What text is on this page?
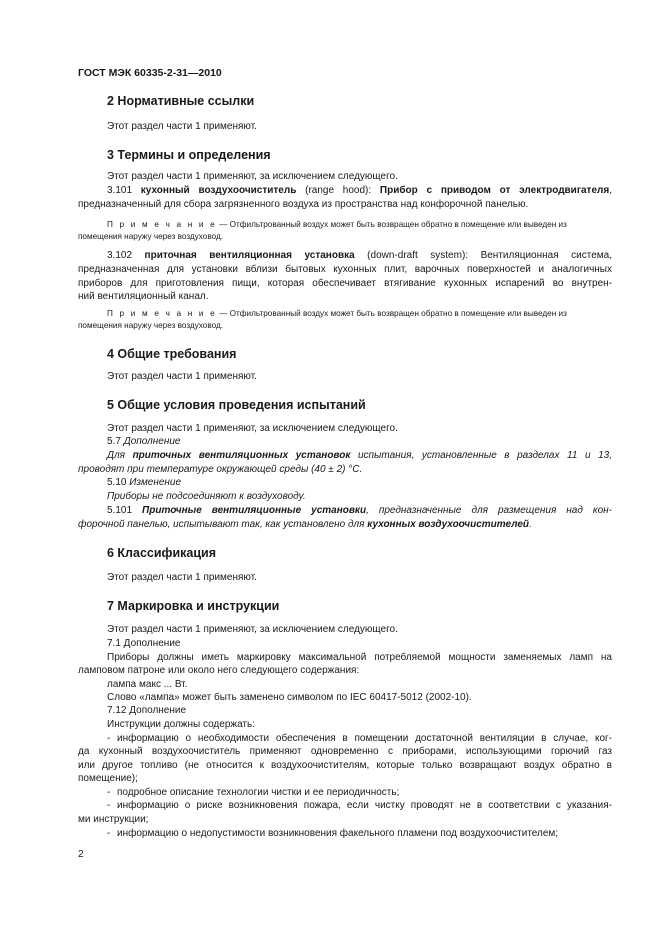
ГОСТ МЭК 60335-2-31—2010
2 Нормативные ссылки
Этот раздел части 1 применяют.
3 Термины и определения
Этот раздел части 1 применяют, за исключением следующего.
3.101 кухонный воздухоочиститель (range hood): Прибор с приводом от электродвигателя,
предназначенный для сбора загрязненного воздуха из пространства над конфорочной панелью.
П р и м е ч а н и е — Отфильтрованный воздух может быть возвращен обратно в помещение или выведен из
помещения наружу через воздуховод.
3.102 приточная вентиляционная установка (down-draft system): Вентиляционная система,
предназначенная для установки вблизи бытовых кухонных плит, варочных поверхностей и аналогичных
приборов для приготовления пищи, которая обеспечивает втягивание кухонных испарений во внутрен-
ний вентиляционный канал.
П р и м е ч а н и е — Отфильтрованный воздух может быть возвращен обратно в помещение или выведен из
помещения наружу через воздуховод.
4 Общие требования
Этот раздел части 1 применяют.
5 Общие условия проведения испытаний
Этот раздел части 1 применяют, за исключением следующего.
5.7 Дополнение
Для приточных вентиляционных установок испытания, установленные в разделах 11 и 13,
проводят при температуре окружающей среды (40 ± 2) °С.
5.10 Изменение
Приборы не подсоединяют к воздуховоду.
5.101 Приточные вентиляционные установки, предназначенные для размещения над кон-
форочной панелью, испытывают так, как установлено для кухонных воздухоочистителей.
6 Классификация
Этот раздел части 1 применяют.
7 Маркировка и инструкции
Этот раздел части 1 применяют, за исключением следующего.
7.1 Дополнение
Приборы должны иметь маркировку максимальной потребляемой мощности заменяемых ламп на
ламповом патроне или около него следующего содержания:
лампа макс ... Вт.
Слово «лампа» может быть заменено символом по IEC 60417-5012 (2002-10).
7.12 Дополнение
Инструкции должны содержать:
- информацию о необходимости обеспечения в помещении достаточной вентиляции в случае, ког-
да кухонный воздухоочиститель применяют одновременно с приборами, использующими горючий газ
или другое топливо (не относится к воздухоочистителям, которые только возвращают воздух обратно в
помещение);
- подробное описание технологии чистки и ее периодичность;
- информацию о риске возникновения пожара, если чистку проводят не в соответствии с указания-
ми инструкции;
- информацию о недопустимости возникновения факельного пламени под воздухоочистителем;
2
